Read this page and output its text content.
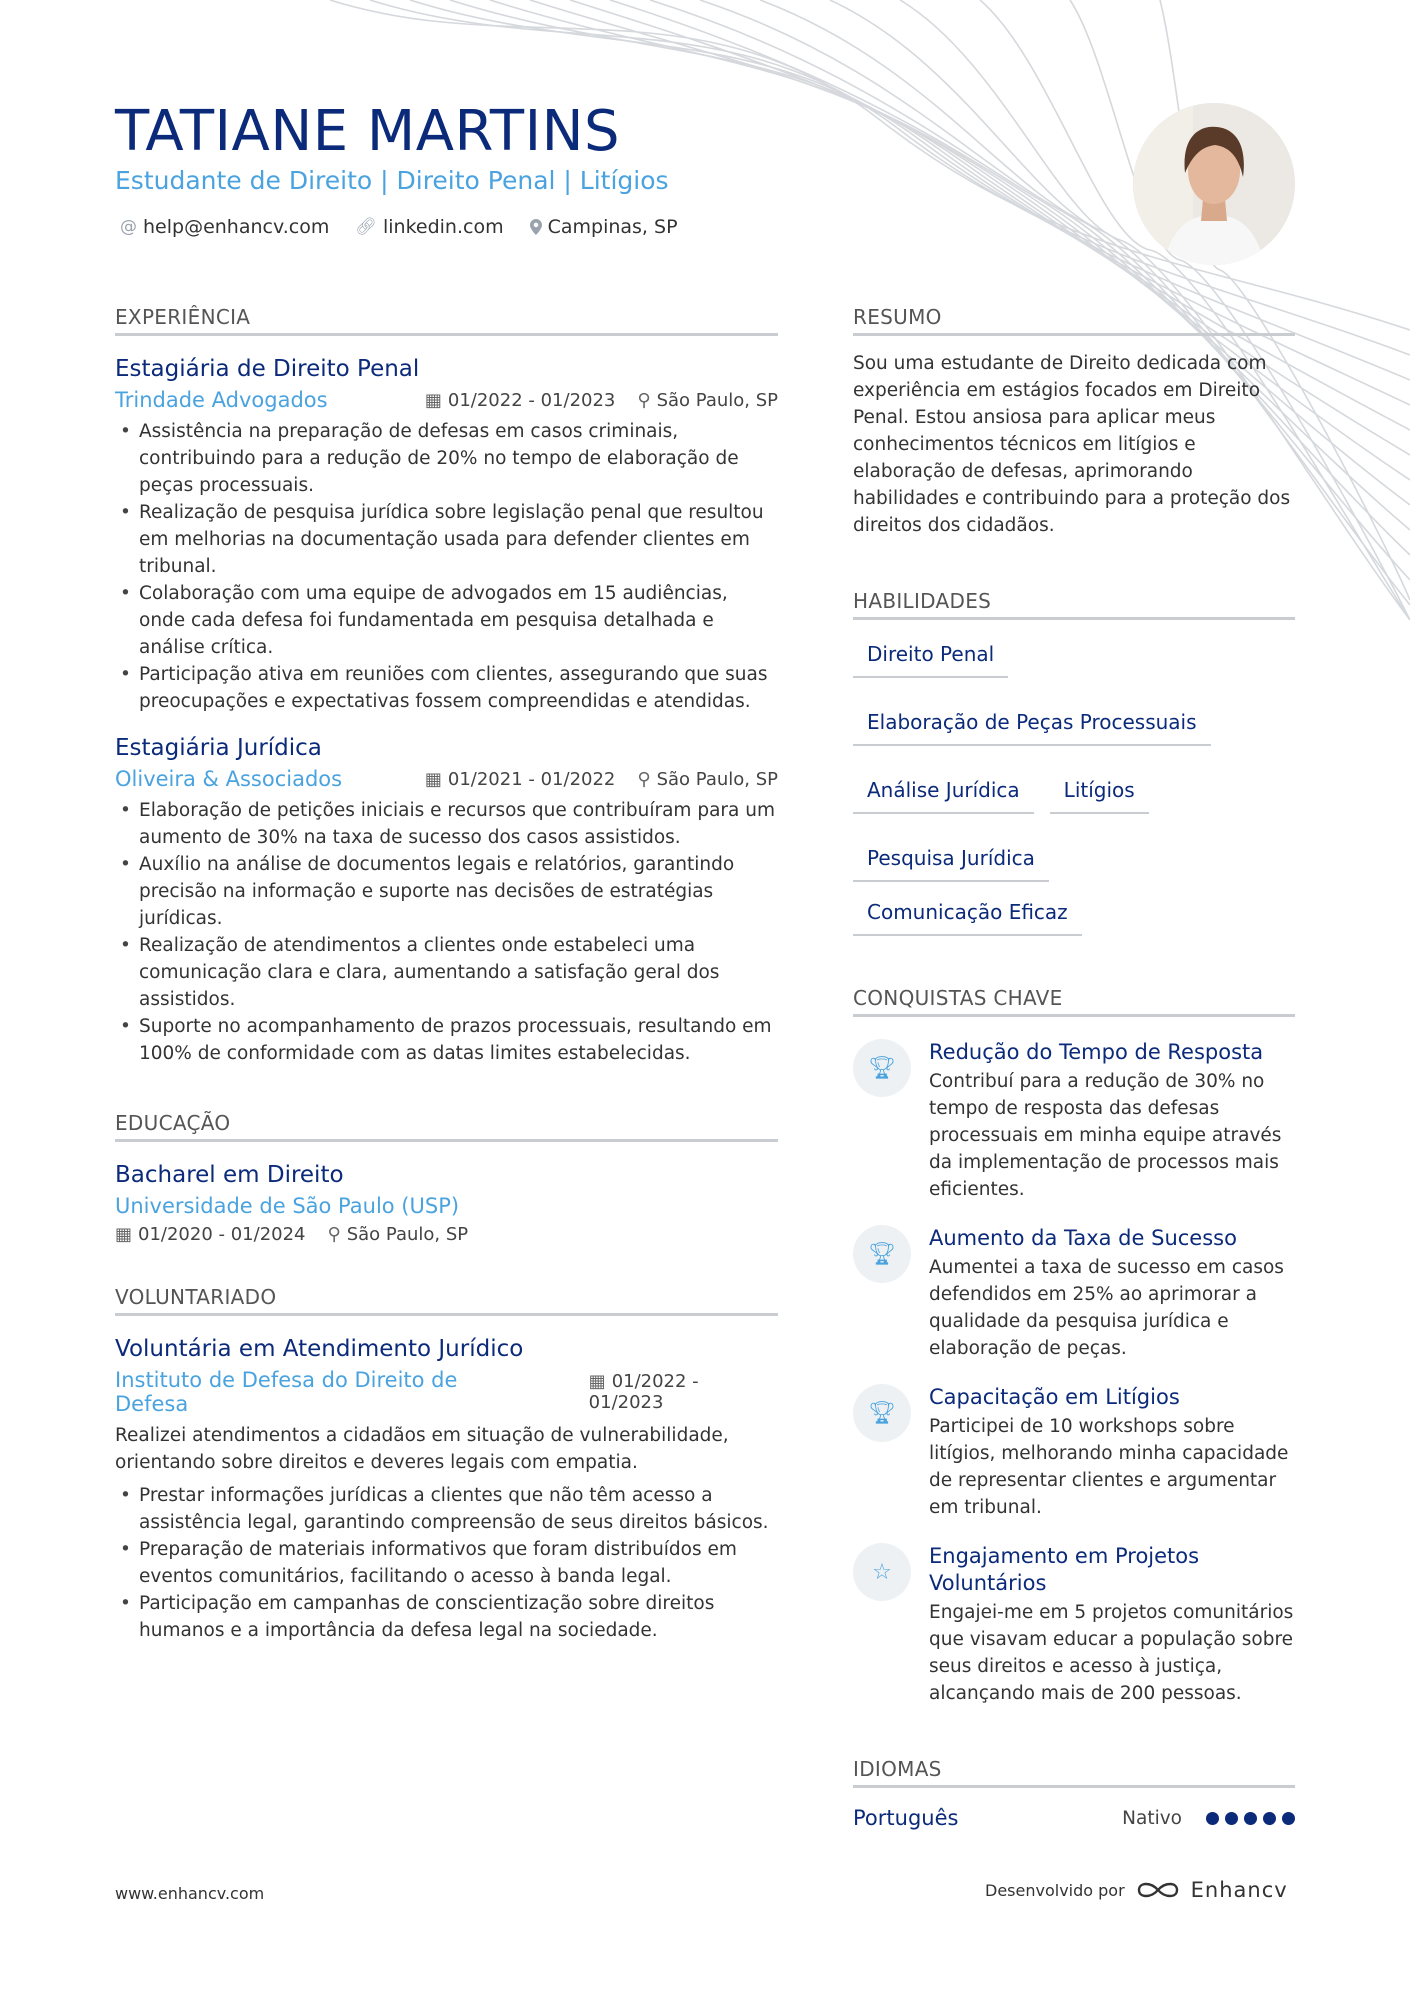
TATIANE MARTINS
Estudante de Direito | Direito Penal | Litígios
@ help@enhancv.com 🔗︎ linkedin.com Campinas, SP
EXPERIÊNCIA
Estagiária de Direito Penal
Trindade Advogados	▦ 01/2022 - 01/2023 ⚲ São Paulo, SP
• Assistência na preparação de defesas em casos criminais, contribuindo para a redução de 20% no tempo de elaboração de peças processuais.
• Realização de pesquisa jurídica sobre legislação penal que resultou em melhorias na documentação usada para defender clientes em tribunal.
• Colaboração com uma equipe de advogados em 15 audiências, onde cada defesa foi fundamentada em pesquisa detalhada e análise crítica.
• Participação ativa em reuniões com clientes, assegurando que suas preocupações e expectativas fossem compreendidas e atendidas.
Estagiária Jurídica
Oliveira & Associados	▦ 01/2021 - 01/2022 ⚲ São Paulo, SP
• Elaboração de petições iniciais e recursos que contribuíram para um aumento de 30% na taxa de sucesso dos casos assistidos.
• Auxílio na análise de documentos legais e relatórios, garantindo precisão na informação e suporte nas decisões de estratégias jurídicas.
• Realização de atendimentos a clientes onde estabeleci uma comunicação clara e clara, aumentando a satisfação geral dos assistidos.
• Suporte no acompanhamento de prazos processuais, resultando em 100% de conformidade com as datas limites estabelecidas.
EDUCAÇÃO
Bacharel em Direito
Universidade de São Paulo (USP)
▦ 01/2020 - 01/2024 ⚲ São Paulo, SP
VOLUNTARIADO
Voluntária em Atendimento Jurídico
Instituto de Defesa do Direito de Defesa
▦ 01/2022 - 01/2023
Realizei atendimentos a cidadãos em situação de vulnerabilidade, orientando sobre direitos e deveres legais com empatia.
• Prestar informações jurídicas a clientes que não têm acesso a assistência legal, garantindo compreensão de seus direitos básicos.
• Preparação de materiais informativos que foram distribuídos em eventos comunitários, facilitando o acesso à banda legal.
• Participação em campanhas de conscientização sobre direitos humanos e a importância da defesa legal na sociedade.
RESUMO
Sou uma estudante de Direito dedicada com experiência em estágios focados em Direito Penal. Estou ansiosa para aplicar meus conhecimentos técnicos em litígios e elaboração de defesas, aprimorando habilidades e contribuindo para a proteção dos direitos dos cidadãos.
HABILIDADES
Direito Penal
Elaboração de Peças Processuais
Análise Jurídica	Litígios
Pesquisa Jurídica
Comunicação Eficaz
CONQUISTAS CHAVE
🏆︎
Redução do Tempo de Resposta
Contribuí para a redução de 30% no tempo de resposta das defesas processuais em minha equipe através da implementação de processos mais eficientes.
🏆︎
Aumento da Taxa de Sucesso
Aumentei a taxa de sucesso em casos defendidos em 25% ao aprimorar a qualidade da pesquisa jurídica e elaboração de peças.
🏆︎
Capacitação em Litígios
Participei de 10 workshops sobre litígios, melhorando minha capacidade de representar clientes e argumentar em tribunal.
☆
Engajamento em Projetos Voluntários
Engajei-me em 5 projetos comunitários que visavam educar a população sobre seus direitos e acesso à justiça, alcançando mais de 200 pessoas.
IDIOMAS
Português	Nativo
www.enhancv.com	Desenvolvido por	Enhancv
